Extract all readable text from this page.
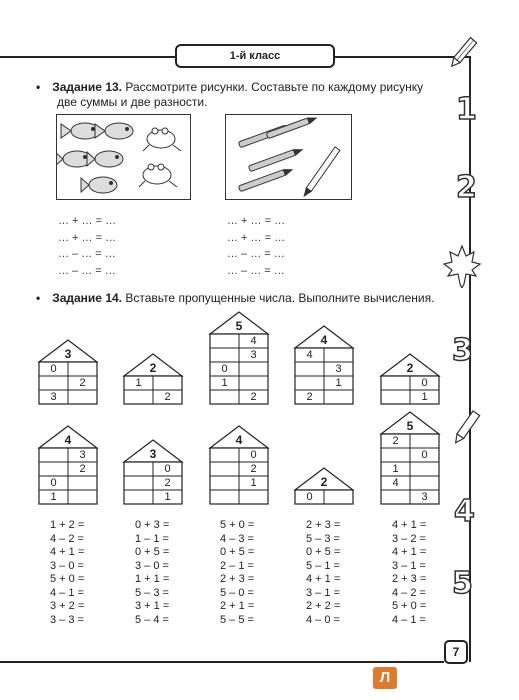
1-й класс
• Задание 13. Рассмотрите рисунки. Составьте по каждому рисунку
две суммы и две разности.
… + … = …
… + … = …
… – … = …
… – … = …
… + … = …
… + … = …
… – … = …
… – … = …
• Задание 14. Вставьте пропущенные числа. Выполните вычисления.
3
0
2
3
2
1
2
5
4
3
0
1
2
4
4
3
1
2
2
0
1
4
3
2
0
1
3
0
2
1
4
0
2
1	2
0
5
2
0
1
4
3
1 + 2 =
4 – 2 =
4 + 1 =
3 – 0 =
5 + 0 =
4 – 1 =
3 + 2 =
3 – 3 =
0 + 3 =
1 – 1 =
0 + 5 =
3 – 0 =
1 + 1 =
5 – 3 =
3 + 1 =
5 – 4 =
5 + 0 =
4 – 3 =
0 + 5 =
2 – 1 =
2 + 3 =
5 – 0 =
2 + 1 =
5 – 5 =
2 + 3 =
5 – 3 =
0 + 5 =
5 – 1 =
4 + 1 =
3 – 1 =
2 + 2 =
4 – 0 =
4 + 1 =
3 – 2 =
4 + 1 =
3 – 1 =
2 + 3 =
4 – 2 =
5 + 0 =
4 – 1 =
1
2
3
4
5
7
Л
